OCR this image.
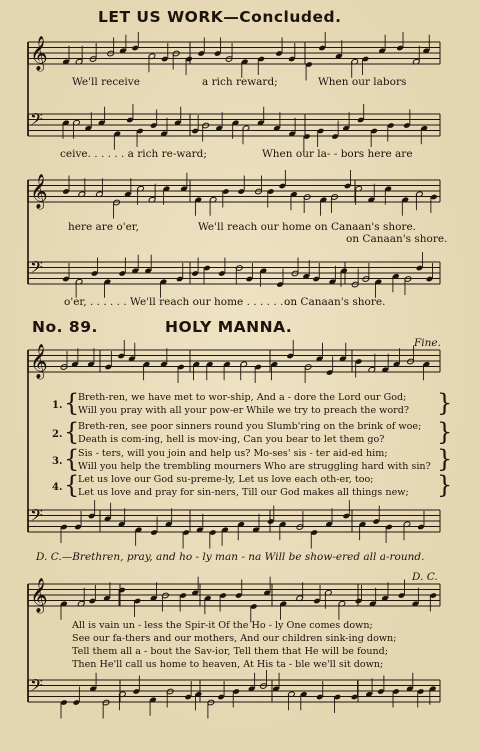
𝄞
𝄢
𝄞
𝄢
𝄞
𝄢
𝄞
𝄢
LET US WORK—Concluded.
We'll receive	a rich reward;	When our labors
ceive. . . . . . a rich re-ward;	When our la- - bors here are
here are o'er,	We'll reach our home on Canaan's shore.
on Canaan's shore.
o'er, . . . . . . We'll reach our home . . . . . . . .
on Canaan's shore.
No. 89.	HOLY MANNA.
Fine.
1. {
Breth-ren, we have met to wor-ship, And a - dore the Lord our God;
Will you pray with all your pow-er While we try to preach the word? }
2. {
Breth-ren, see poor sinners round you Slumb'ring on the brink of woe;
Death is com-ing, hell is mov-ing, Can you bear to let them go? }
3. {
Sis - ters, will you join and help us? Mo-ses' sis - ter aid-ed him;
Will you help the trembling mourners Who are struggling hard with sin? }
4. {
Let us love our God su-preme-ly, Let us love each oth-er, too;
Let us love and pray for sin-ners, Till our God makes all things new; }
D. C.—Brethren, pray, and ho - ly man - na Will be show-ered all a-round.
D. C.
All is vain un - less the Spir-it Of the Ho - ly One comes down;
See our fa-thers and our mothers, And our children sink-ing down;
Tell them all a - bout the Sav-ior, Tell them that He will be found;
Then He'll call us home to heaven, At His ta - ble we'll sit down;
